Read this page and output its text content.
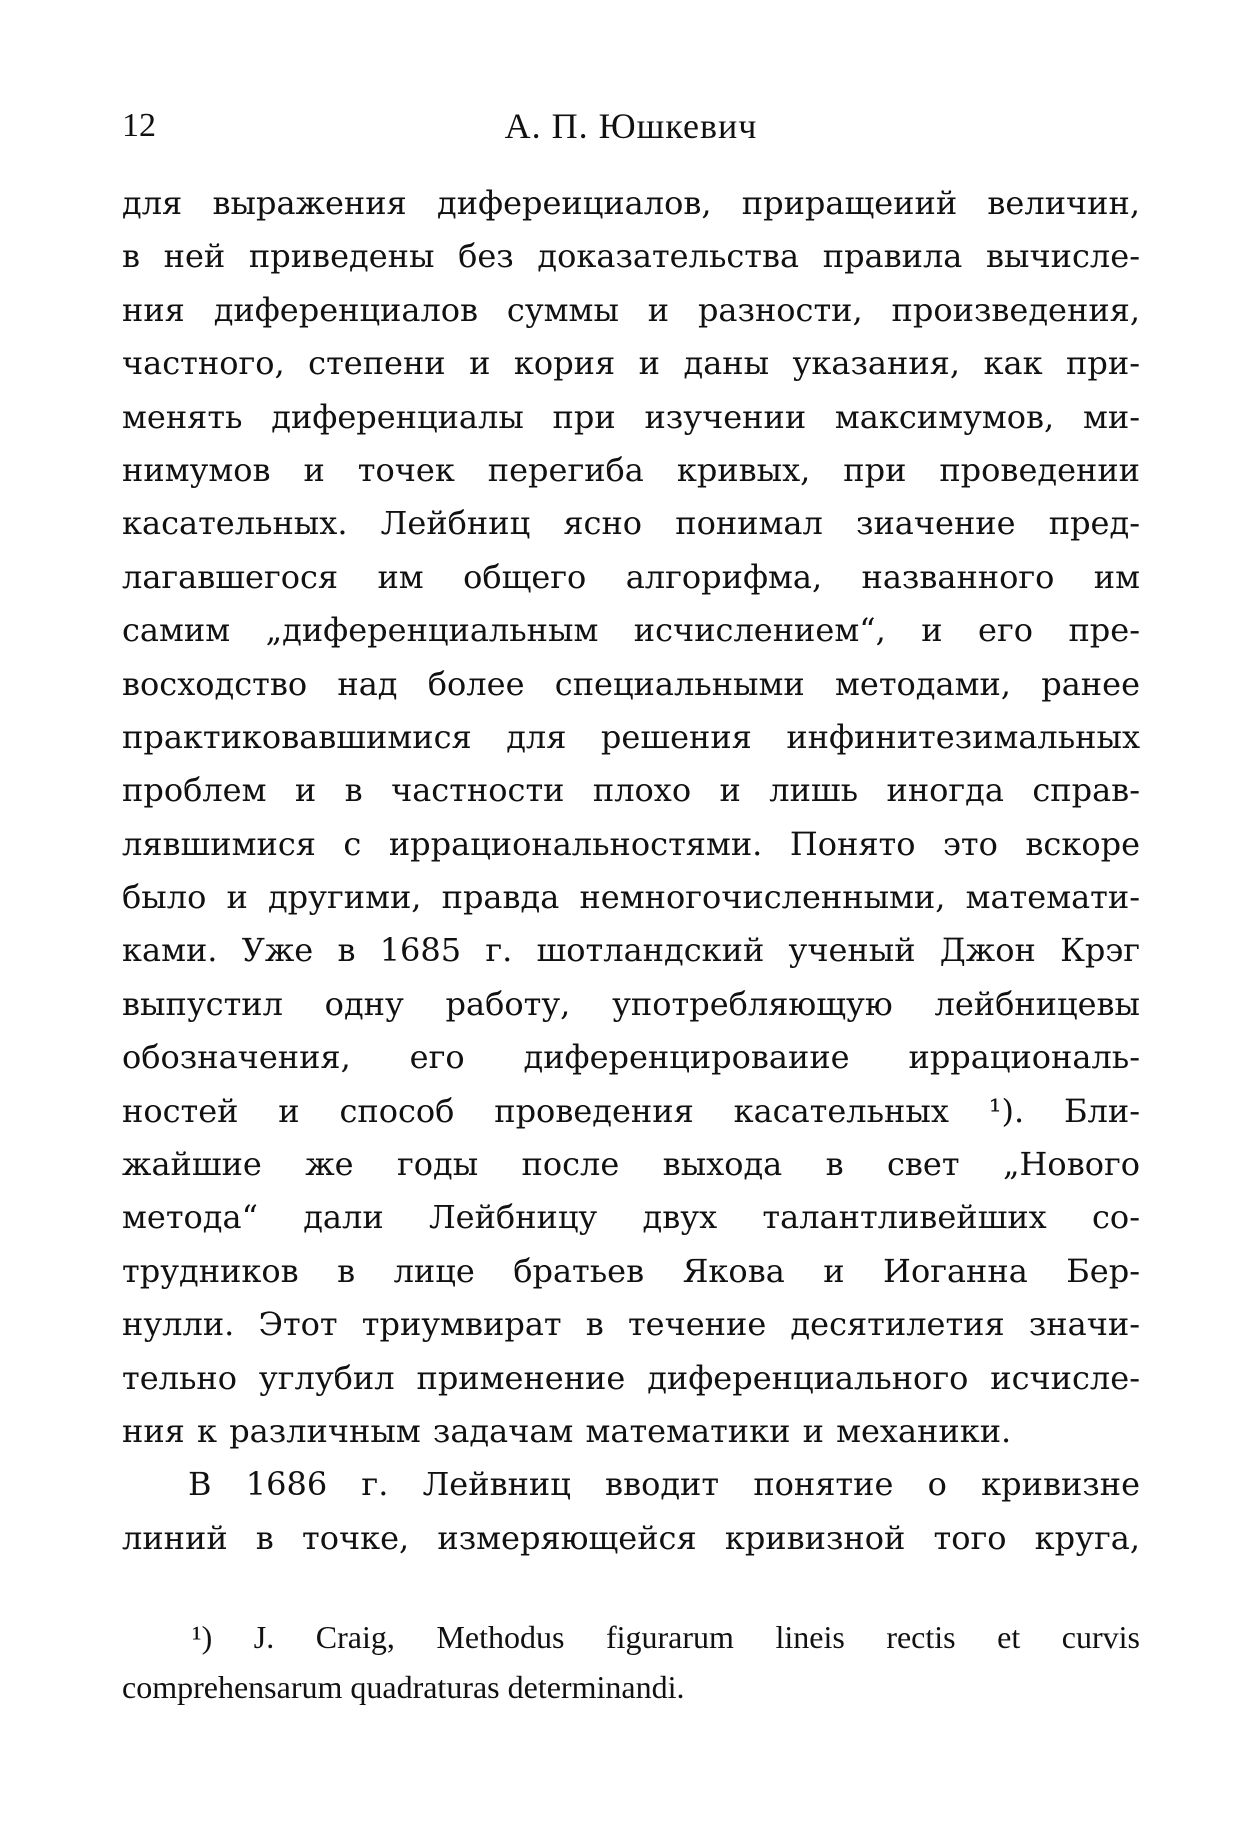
12	А. П. Юшкевич
для выражения дифереициалов, приращеиий величин,
в ней приведены без доказательства правила вычисле-
ния диференциалов суммы и разности, произведения,
частного, степени и кория и даны указания, как при-
менять диференциалы при изучении максимумов, ми-
нимумов и точек перегиба кривых, при проведении
касательных. Лейбниц ясно понимал зиачение пред-
лагавшегося им общего алгорифма, названного им
самим „диференциальным исчислением“, и его пре-
восходство над более специальными методами, ранее
практиковавшимися для решения инфинитезимальных
проблем и в частности плохо и лишь иногда справ-
лявшимися с иррациональностями. Понято это вскоре
было и другими, правда немногочисленными, математи-
ками. Уже в 1685 г. шотландский ученый Джон Крэг
выпустил одну работу, употребляющую лейбницевы
обозначения, его диференцироваиие иррациональ-
ностей и способ проведения касательных ¹). Бли-
жайшие же годы после выхода в свет „Нового
метода“ дали Лейбницу двух талантливейших со-
трудников в лице братьев Якова и Иоганна Бер-
нулли. Этот триумвират в течение десятилетия значи-
тельно углубил применение диференциального исчисле-
ния к различным задачам математики и механики.
В 1686 г. Лейвниц вводит понятие о кривизне
линий в точке, измеряющейся кривизной того круга,
¹) J. Craig, Methodus figurarum lineis rectis et curvis
comprehensarum quadraturas determinandi.
